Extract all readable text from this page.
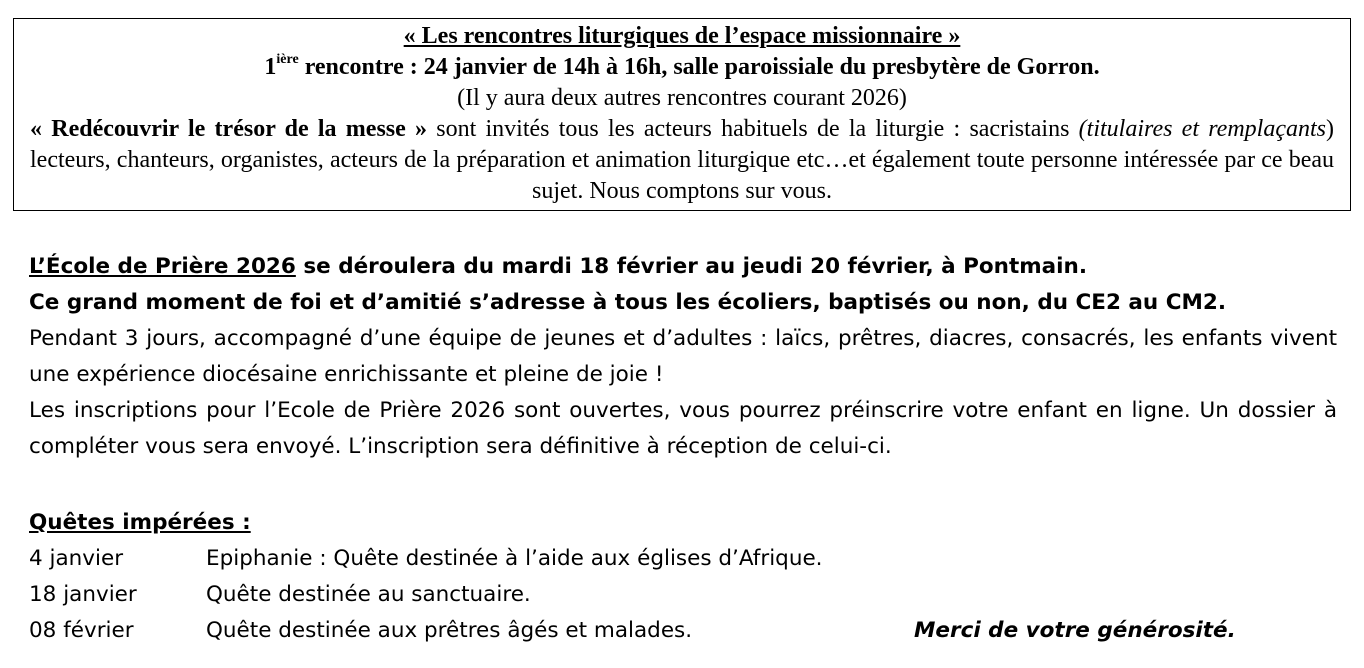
« Les rencontres liturgiques de l’espace missionnaire »
$1^{ière}$ rencontre : 24 janvier de 14h à 16h, salle paroissiale du presbytère de Gorron.
(Il y aura deux autres rencontres courant 2026)
« Redécouvrir le trésor de la messe » sont invités tous les acteurs habituels de la liturgie : sacristains (titulaires et remplaçants) lecteurs, chanteurs, organistes, acteurs de la préparation et animation liturgique etc…et également toute personne intéressée par ce beau sujet. Nous comptons sur vous.
L’École de Prière 2026 se déroulera du mardi 18 février au jeudi 20 février, à Pontmain.
Ce grand moment de foi et d’amitié s’adresse à tous les écoliers, baptisés ou non, du CE2 au CM2.
Pendant 3 jours, accompagné d’une équipe de jeunes et d’adultes : laïcs, prêtres, diacres, consacrés, les enfants vivent une expérience diocésaine enrichissante et pleine de joie !
Les inscriptions pour l’Ecole de Prière 2026 sont ouvertes, vous pourrez préinscrire votre enfant en ligne. Un dossier à compléter vous sera envoyé. L’inscription sera définitive à réception de celui-ci.
Quêtes impérées :
4 janvier	Epiphanie : Quête destinée à l’aide aux églises d’Afrique.
18 janvier	Quête destinée au sanctuaire.
08 février	Quête destinée aux prêtres âgés et malades.	Merci de votre générosité.
